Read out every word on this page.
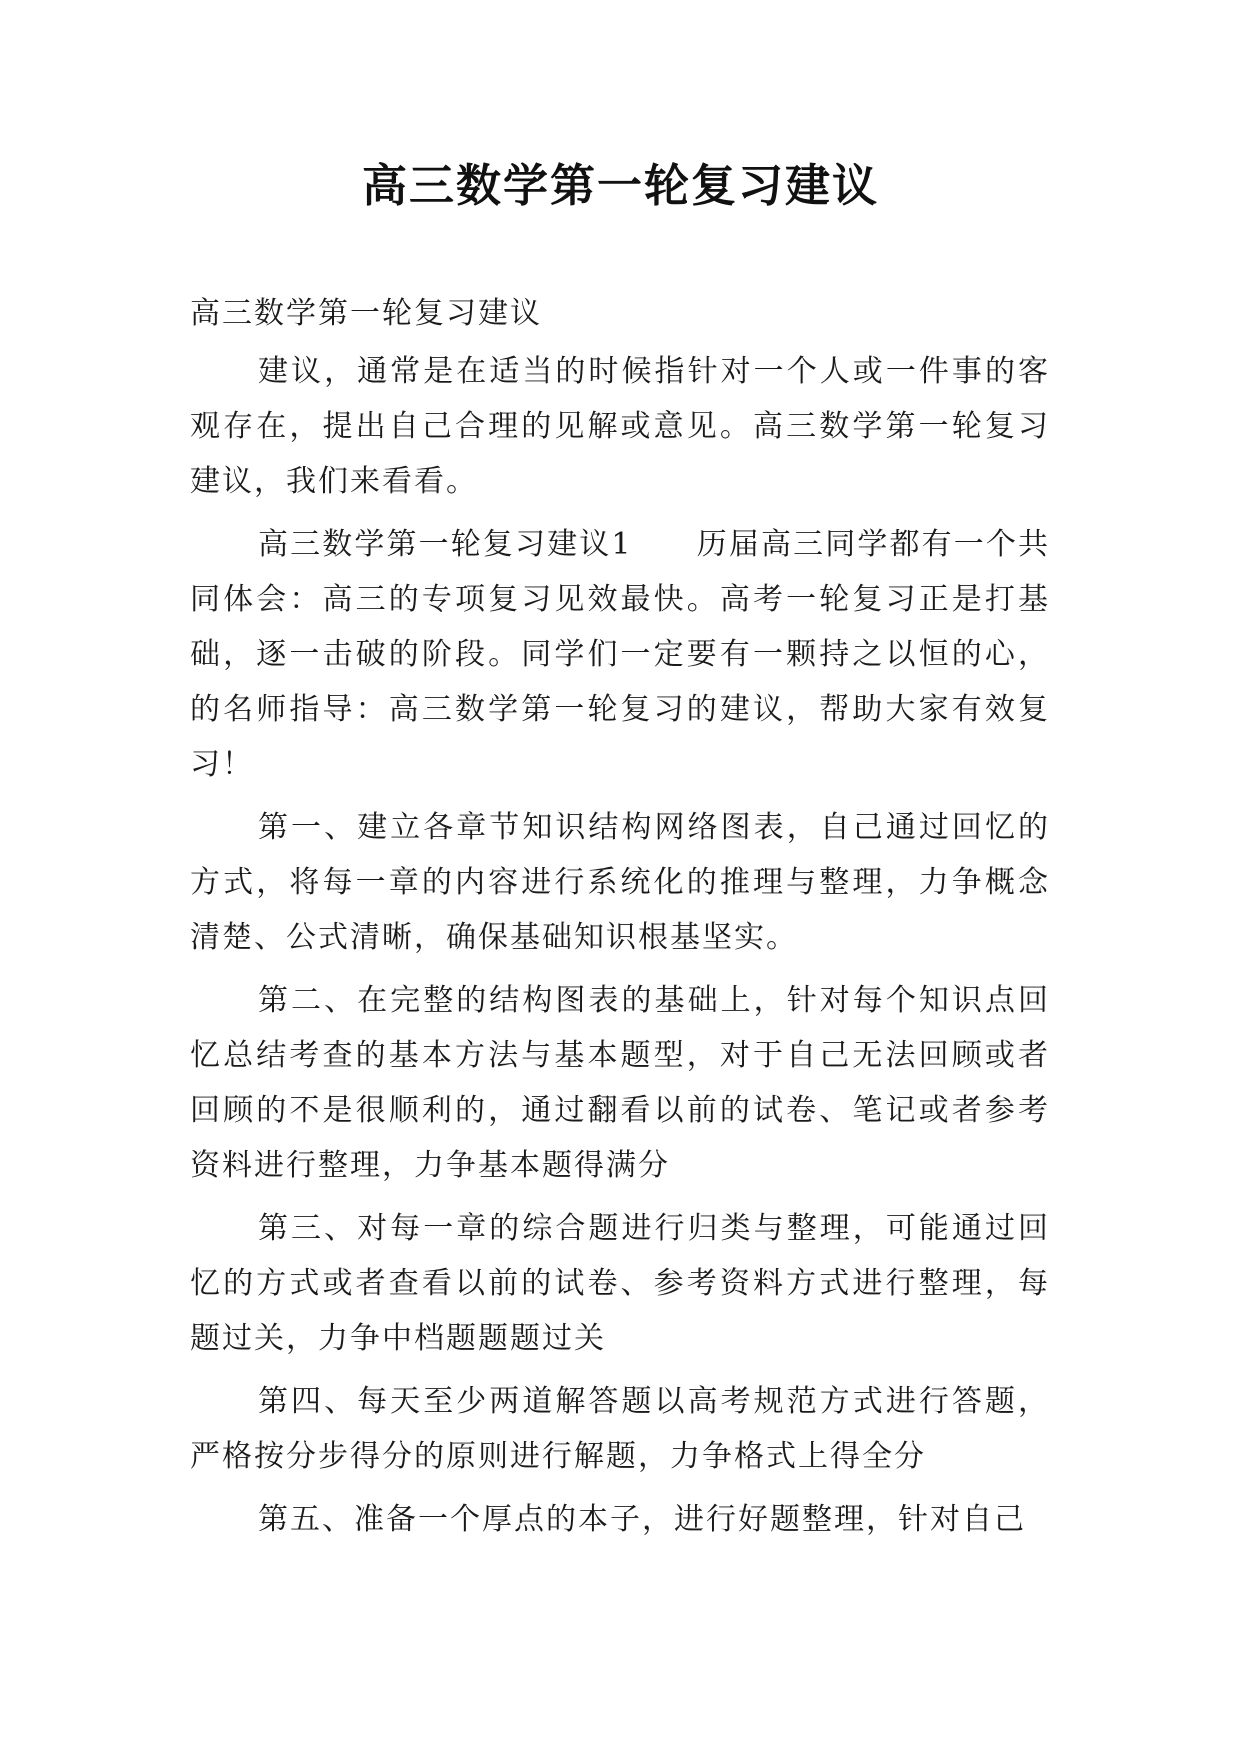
高三数学第一轮复习建议

高三数学第一轮复习建议

建议，通常是在适当的时候指针对一个人或一件事的客观存在，提出自己合理的见解或意见。高三数学第一轮复习建议，我们来看看。

高三数学第一轮复习建议1　　历届高三同学都有一个共同体会：高三的专项复习见效最快。高考一轮复习正是打基础，逐一击破的阶段。同学们一定要有一颗持之以恒的心，的名师指导：高三数学第一轮复习的建议，帮助大家有效复习！

第一、建立各章节知识结构网络图表，自己通过回忆的方式，将每一章的内容进行系统化的推理与整理，力争概念清楚、公式清晰，确保基础知识根基坚实。

第二、在完整的结构图表的基础上，针对每个知识点回忆总结考查的基本方法与基本题型，对于自己无法回顾或者回顾的不是很顺利的，通过翻看以前的试卷、笔记或者参考资料进行整理，力争基本题得满分

第三、对每一章的综合题进行归类与整理，可能通过回忆的方式或者查看以前的试卷、参考资料方式进行整理，每题过关，力争中档题题题过关

第四、每天至少两道解答题以高考规范方式进行答题，严格按分步得分的原则进行解题，力争格式上得全分

第五、准备一个厚点的本子，进行好题整理，针对自己
